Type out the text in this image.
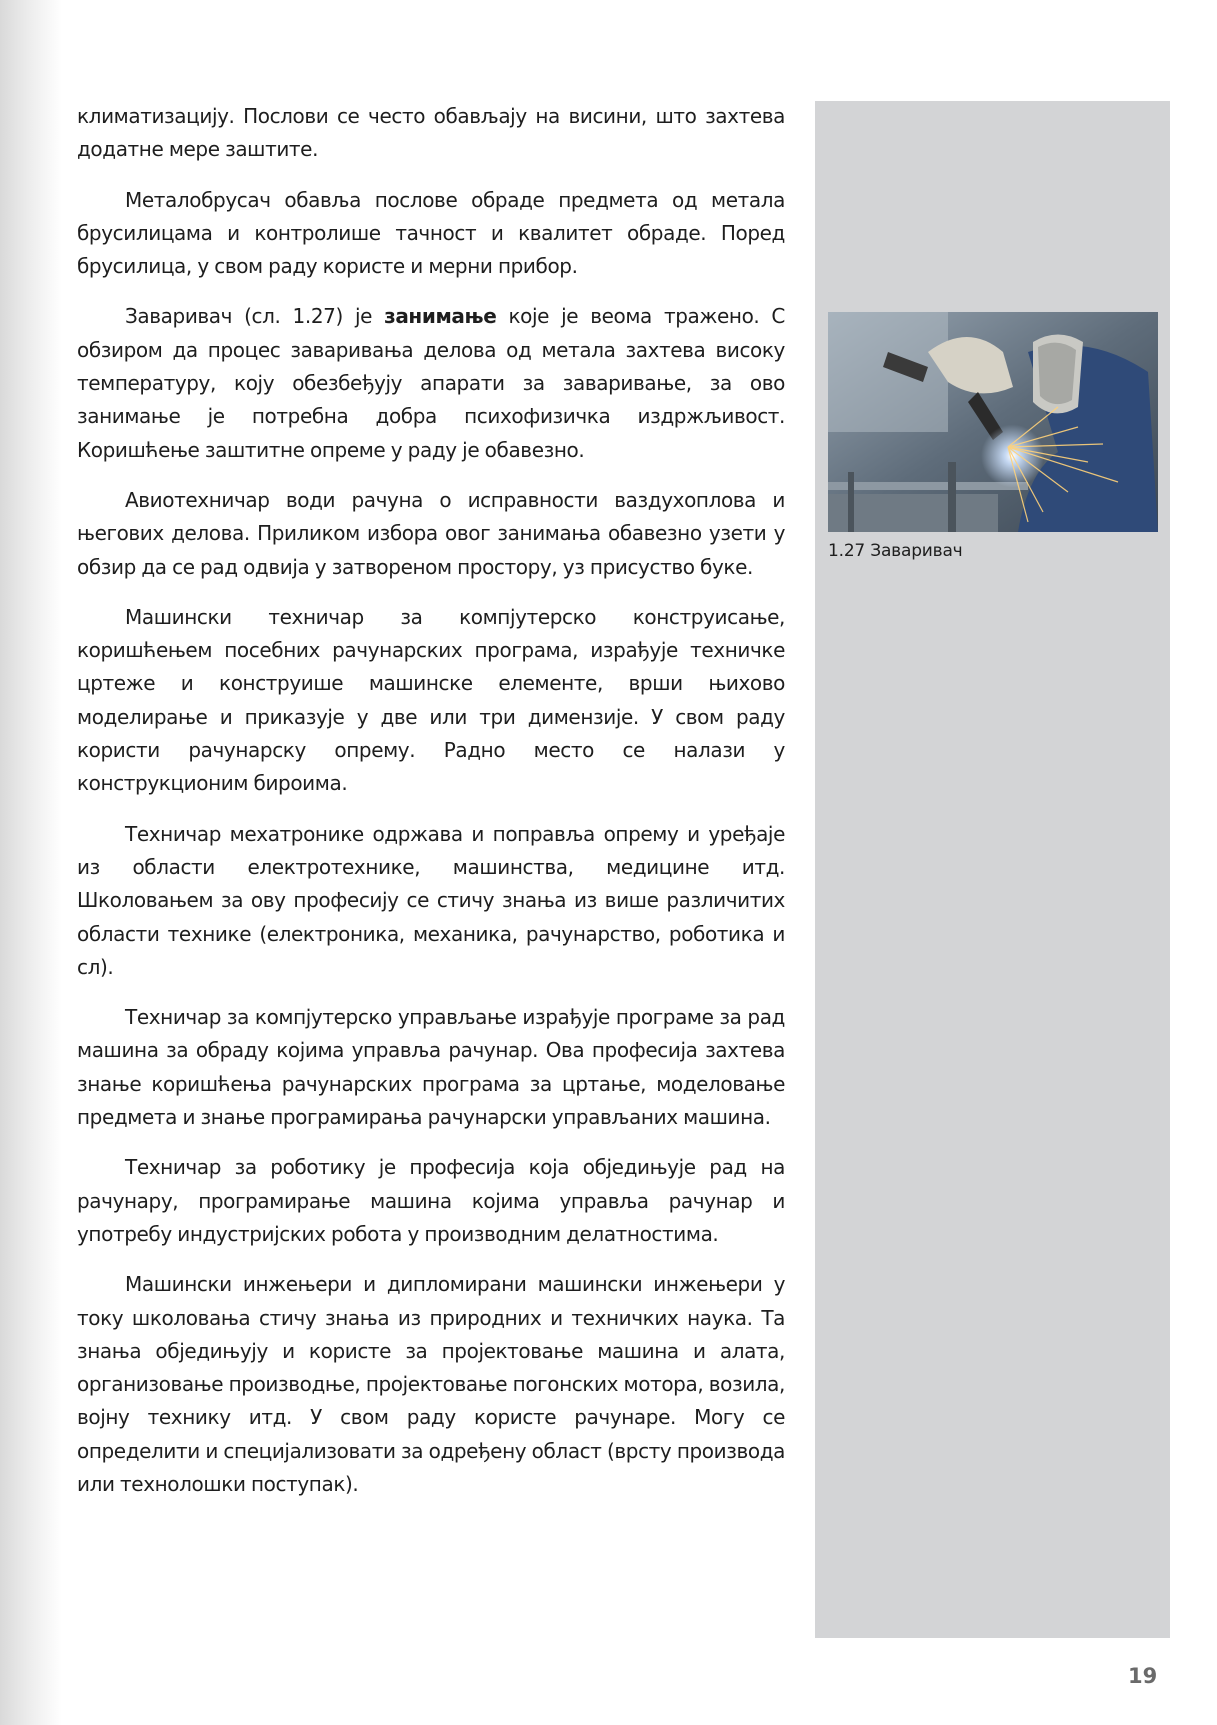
климатизацију. Послови се често обављају на висини, што захтева додатне мере заштите.

Металобрусач обавља послове обраде предмета од метала брусилицама и контролише тачност и квалитет обраде. Поред брусилица, у свом раду користе и мерни прибор.

Заваривач (сл. 1.27) је занимање које је веома тражено. С обзиром да процес заваривања делова од метала захтева високу температуру, коју обезбеђују апарати за заваривање, за ово занимање је потребна добра психофизичка издржљивост. Коришћење заштитне опреме у раду је обавезно.

Авиотехничар води рачуна о исправности ваздухоплова и његових делова. Приликом избора овог занимања обавезно узети у обзир да се рад одвија у затвореном простору, уз присуство буке.

Машински техничар за компјутерско конструисање, коришћењем посебних рачунарских програма, израђује техничке цртеже и конструише машинске елементе, врши њихово моделирање и приказује у две или три димензије. У свом раду користи рачунарску опрему. Радно место се налази у конструкционим бироима.

Техничар мехатронике одржава и поправља опрему и уређаје из области електротехнике, машинства, медицине итд. Школовањем за ову професију се стичу знања из више различитих области технике (електроника, механика, рачунарство, роботика и сл).

Техничар за компјутерско управљање израђује програме за рад машина за обраду којима управља рачунар. Ова професија захтева знање коришћења рачунарских програма за цртање, моделовање предмета и знање програмирања рачунарски управљаних машина.

Техничар за роботику је професија која обједињује рад на рачунару, програмирање машина којима управља рачунар и употребу индустријских робота у производним делатностима.

Машински инжењери и дипломирани машински инжењери у току школовања стичу знања из природних и техничких наука. Та знања обједињују и користе за пројектовање машина и алата, организовање производње, пројектовање погонских мотора, возила, војну технику итд. У свом раду користе рачунаре. Могу се определити и специјализовати за одређену област (врсту производа или технолошки поступак).

1.27 Заваривач
19
